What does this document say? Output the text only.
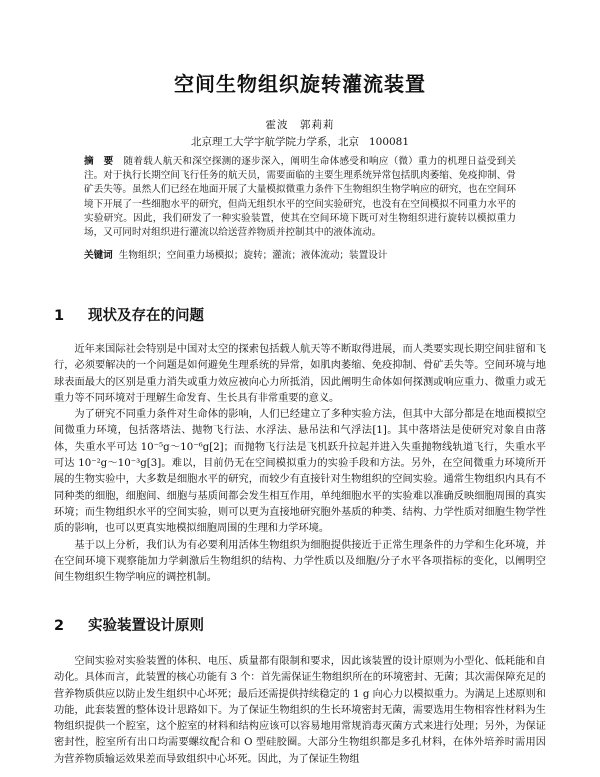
空间生物组织旋转灌流装置
霍波　郭莉莉
北京理工大学宇航学院力学系，北京 100081
摘　要 随着载人航天和深空探测的逐步深入，阐明生命体感受和响应（微）重力的机理日益受到关注。对于执行长期空间飞行任务的航天员，需要面临的主要生理系统异常包括肌肉萎缩、免疫抑制、骨矿丢失等。虽然人们已经在地面开展了大量模拟微重力条件下生物组织生物学响应的研究，也在空间环境下开展了一些细胞水平的研究，但尚无组织水平的空间实验研究，也没有在空间模拟不同重力水平的实验研究。因此，我们研发了一种实验装置，使其在空间环境下既可对生物组织进行旋转以模拟重力场，又可同时对组织进行灌流以给送营养物质并控制其中的液体流动。
关键词 生物组织；空间重力场模拟；旋转；灌流；液体流动；装置设计
1 现状及存在的问题

近年来国际社会特别是中国对太空的探索包括载人航天等不断取得进展，而人类要实现长期空间驻留和飞行，必须要解决的一个问题是如何避免生理系统的异常，如肌肉萎缩、免疫抑制、骨矿丢失等。空间环境与地球表面最大的区别是重力消失或重力效应被向心力所抵消，因此阐明生命体如何探测或响应重力、微重力或无重力等不同环境对于理解生命发育、生长具有非常重要的意义。

为了研究不同重力条件对生命体的影响，人们已经建立了多种实验方法，但其中大部分都是在地面模拟空间微重力环境，包括落塔法、抛物飞行法、水浮法、悬吊法和气浮法[1]。其中落塔法是使研究对象自由落体，失重水平可达 10⁻⁵g～10⁻⁶g[2]；而抛物飞行法是飞机跃升拉起并进入失重抛物线轨道飞行，失重水平可达 10⁻²g～10⁻³g[3]。难以，目前仍无在空间模拟重力的实验手段和方法。另外，在空间微重力环境所开展的生物实验中，大多数是细胞水平的研究，而较少有直接针对生物组织的空间实验。通常生物组织内具有不同种类的细胞，细胞间、细胞与基质间都会发生相互作用，单纯细胞水平的实验难以准确反映细胞周围的真实环境；而生物组织水平的空间实验，则可以更为直接地研究胞外基质的种类、结构、力学性质对细胞生物学性质的影响，也可以更真实地模拟细胞周围的生理和力学环境。

基于以上分析，我们认为有必要利用活体生物组织为细胞提供接近于正常生理条件的力学和生化环境，并在空间环境下观察能加力学刺激后生物组织的结构、力学性质以及细胞/分子水平各项指标的变化，以阐明空间生物组织生物学响应的调控机制。

2 实验装置设计原则

空间实验对实验装置的体积、电压、质量都有限制和要求，因此该装置的设计原则为小型化、低耗能和自动化。具体而言，此装置的核心功能有 3 个：首先需保证生物组织所在的环境密封、无菌；其次需保障充足的营养物质供应以防止发生组织中心坏死；最后还需提供持续稳定的 1 g 向心力以模拟重力。为满足上述原则和功能，此套装置的整体设计思路如下。为了保证生物组织的生长环境密封无菌，需要选用生物相容性材料为生物组织提供一个腔室，这个腔室的材料和结构应该可以容易地用常规消毒灭菌方式来进行处理；另外，为保证密封性，腔室所有出口均需要螺纹配合和 O 型硅胶圈。大部分生物组织都是多孔材料，在体外培养时需用因为营养物质输运效果差而导致组织中心坏死。因此，为了保证生物组
